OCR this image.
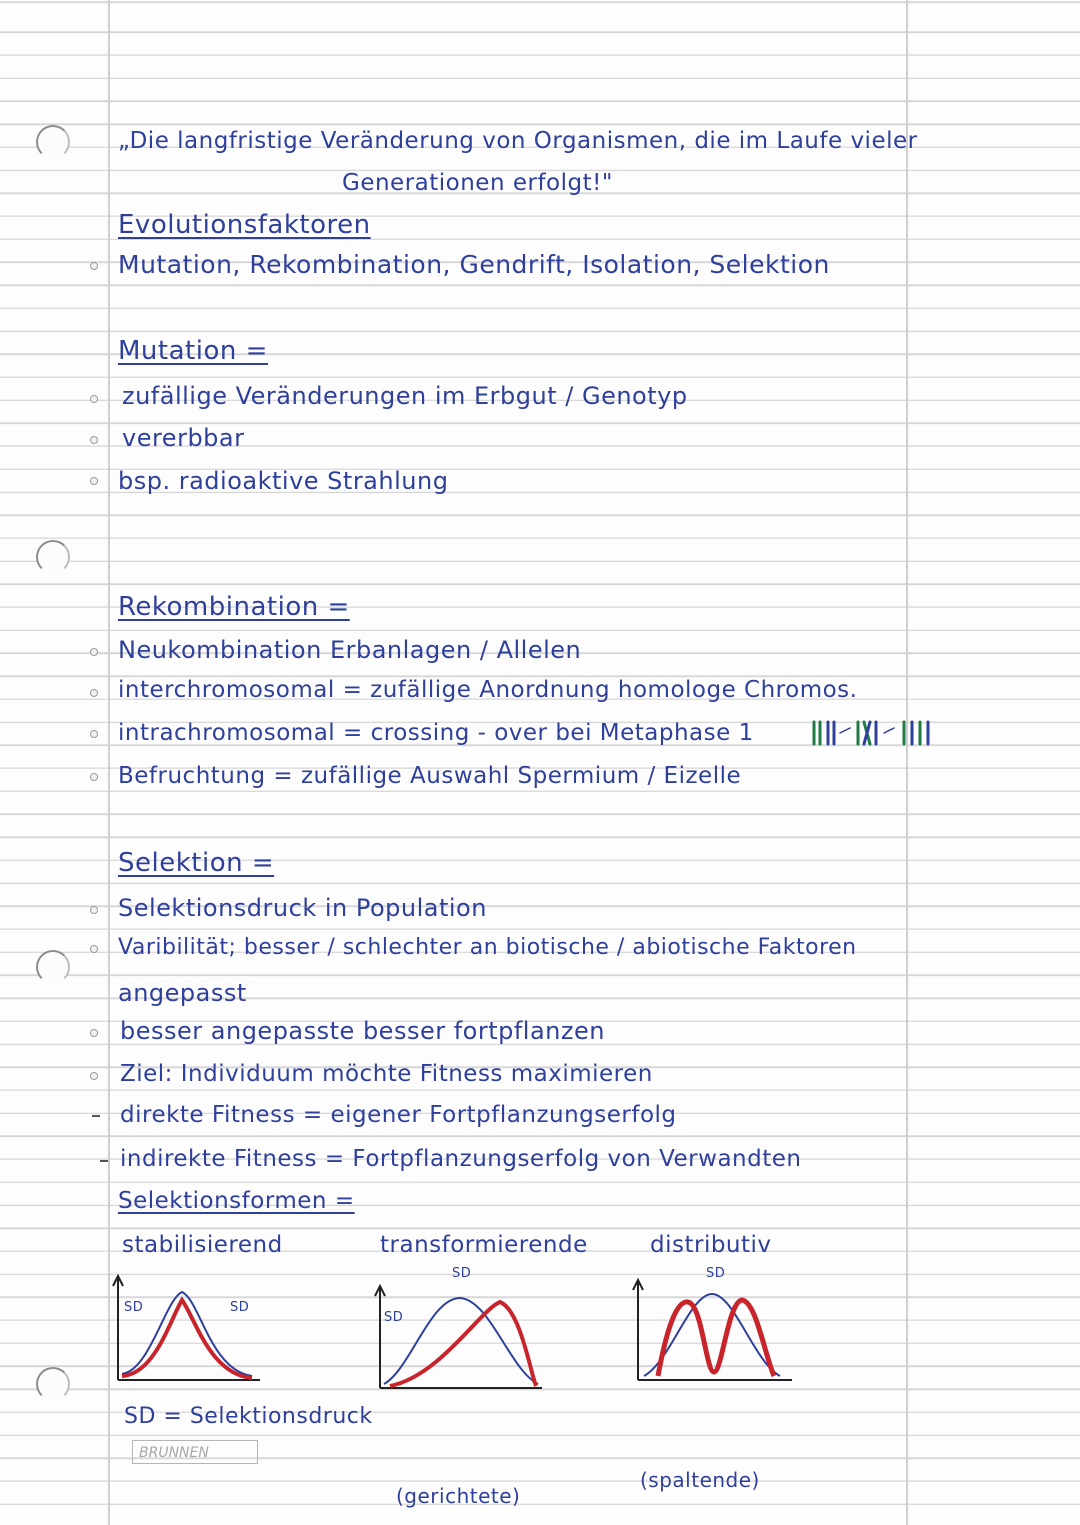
„Die langfristige Veränderung von Organismen, die im Laufe vieler
Generationen erfolgt!"
Evolutionsfaktoren
Mutation, Rekombination, Gendrift, Isolation, Selektion
Mutation =
zufällige Veränderungen im Erbgut / Genotyp
vererbbar
bsp. radioaktive Strahlung
Rekombination =
Neukombination Erbanlagen / Allelen
interchromosomal = zufällige Anordnung homologe Chromos.
intrachromosomal = crossing - over bei Metaphase 1
Befruchtung = zufällige Auswahl Spermium / Eizelle
Selektion =
Selektionsdruck in Population
Varibilität; besser / schlechter an biotische / abiotische Faktoren
angepasst
besser angepasste besser fortpflanzen
Ziel: Individuum möchte Fitness maximieren
direkte Fitness = eigener Fortpflanzungserfolg
indirekte Fitness = Fortpflanzungserfolg von Verwandten
Selektionsformen =
stabilisierend	transformierende	distributiv
SD	SD
SD
SD	SD
SD = Selektionsdruck
BRUNNEN
(gerichtete)
(spaltende)
